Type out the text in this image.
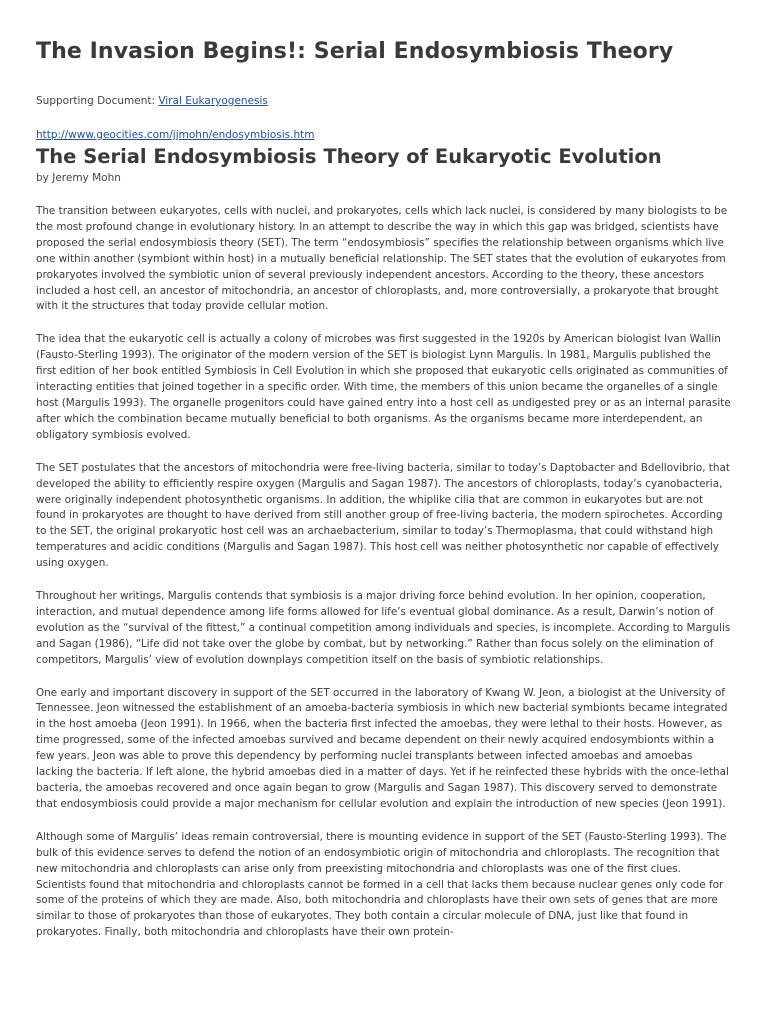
The Invasion Begins!: Serial Endosymbiosis Theory
Supporting Document: Viral Eukaryogenesis
http://www.geocities.com/jjmohn/endosymbiosis.htm
The Serial Endosymbiosis Theory of Eukaryotic Evolution
by Jeremy Mohn

The transition between eukaryotes, cells with nuclei, and prokaryotes, cells which lack nuclei, is considered by many biologists to be the most profound change in evolutionary history. In an attempt to describe the way in which this gap was bridged, scientists have proposed the serial endosymbiosis theory (SET). The term “endosymbiosis” specifies the relationship between organisms which live one within another (symbiont within host) in a mutually beneficial relationship. The SET states that the evolution of eukaryotes from prokaryotes involved the symbiotic union of several previously independent ancestors. According to the theory, these ancestors included a host cell, an ancestor of mitochondria, an ancestor of chloroplasts, and, more controversially, a prokaryote that brought with it the structures that today provide cellular motion.

The idea that the eukaryotic cell is actually a colony of microbes was first suggested in the 1920s by American biologist Ivan Wallin (Fausto-Sterling 1993). The originator of the modern version of the SET is biologist Lynn Margulis. In 1981, Margulis published the first edition of her book entitled Symbiosis in Cell Evolution in which she proposed that eukaryotic cells originated as communities of interacting entities that joined together in a specific order. With time, the members of this union became the organelles of a single host (Margulis 1993). The organelle progenitors could have gained entry into a host cell as undigested prey or as an internal parasite after which the combination became mutually beneficial to both organisms. As the organisms became more interdependent, an obligatory symbiosis evolved.

The SET postulates that the ancestors of mitochondria were free-living bacteria, similar to today’s Daptobacter and Bdellovibrio, that developed the ability to efficiently respire oxygen (Margulis and Sagan 1987). The ancestors of chloroplasts, today’s cyanobacteria, were originally independent photosynthetic organisms. In addition, the whiplike cilia that are common in eukaryotes but are not found in prokaryotes are thought to have derived from still another group of free-living bacteria, the modern spirochetes. According to the SET, the original prokaryotic host cell was an archaebacterium, similar to today’s Thermoplasma, that could withstand high temperatures and acidic conditions (Margulis and Sagan 1987). This host cell was neither photosynthetic nor capable of effectively using oxygen.

Throughout her writings, Margulis contends that symbiosis is a major driving force behind evolution. In her opinion, cooperation, interaction, and mutual dependence among life forms allowed for life’s eventual global dominance. As a result, Darwin’s notion of evolution as the “survival of the fittest,” a continual competition among individuals and species, is incomplete. According to Margulis and Sagan (1986), “Life did not take over the globe by combat, but by networking.” Rather than focus solely on the elimination of competitors, Margulis’ view of evolution downplays competition itself on the basis of symbiotic relationships.

One early and important discovery in support of the SET occurred in the laboratory of Kwang W. Jeon, a biologist at the University of Tennessee. Jeon witnessed the establishment of an amoeba-bacteria symbiosis in which new bacterial symbionts became integrated in the host amoeba (Jeon 1991). In 1966, when the bacteria first infected the amoebas, they were lethal to their hosts. However, as time progressed, some of the infected amoebas survived and became dependent on their newly acquired endosymbionts within a few years. Jeon was able to prove this dependency by performing nuclei transplants between infected amoebas and amoebas lacking the bacteria. If left alone, the hybrid amoebas died in a matter of days. Yet if he reinfected these hybrids with the once-lethal bacteria, the amoebas recovered and once again began to grow (Margulis and Sagan 1987). This discovery served to demonstrate that endosymbiosis could provide a major mechanism for cellular evolution and explain the introduction of new species (Jeon 1991).

Although some of Margulis’ ideas remain controversial, there is mounting evidence in support of the SET (Fausto-Sterling 1993). The bulk of this evidence serves to defend the notion of an endosymbiotic origin of mitochondria and chloroplasts. The recognition that new mitochondria and chloroplasts can arise only from preexisting mitochondria and chloroplasts was one of the first clues. Scientists found that mitochondria and chloroplasts cannot be formed in a cell that lacks them because nuclear genes only code for some of the proteins of which they are made. Also, both mitochondria and chloroplasts have their own sets of genes that are more similar to those of prokaryotes than those of eukaryotes. They both contain a circular molecule of DNA, just like that found in prokaryotes. Finally, both mitochondria and chloroplasts have their own protein-
